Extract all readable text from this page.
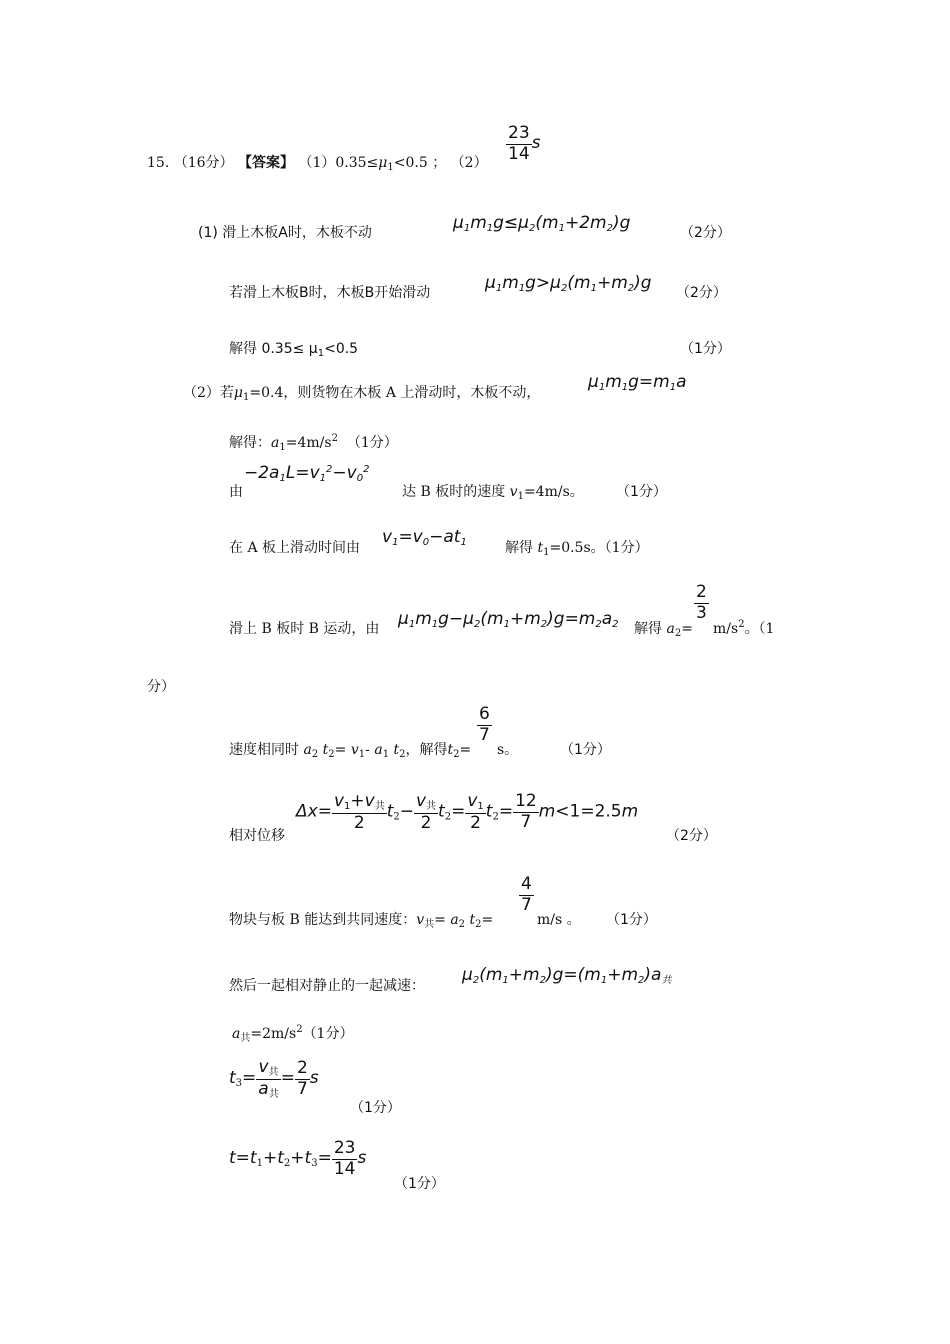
15. （16分） 【答案】 $(1)0.35\le\mu_1<0.5$ ； $(2) \frac{23}{14}$ s
(1) 滑上木板A时，木板不动	$\mu_1m_1g\le\mu_2(m_1+2m_2)g$	（2分）
若滑上木板B时，木板B开始滑动	$\mu_1m_1g>\mu_2(m_1+m_2)g$ （2分）
解得 $0.35\le \mu_1<0.5$	（1分）
（2）若$\mu_1=0.4$，则货物在木板 A 上滑动时，木板不动，
$\mu_1m_1g=m_1a$
解得：$a_1=4m/s^2$ （1分）
$-2a_1L=v_1^2-v_0^2$
由	达 B 板时的速度 $v_1=4m/s$。 （1分）
在 A 板上滑动时间由
$v_1=v_0-at_1$	解得 $t_1=0.5s$。（1分）
滑上 B 板时 B 运动，由 $\mu_1m_1g-\mu_2(m_1+m_2)g=m_2a_2$ 解得 $a_2=$
$\frac{2}{3}$
$m/s^2$。（1
分）
速度相同时 $a_2$ $t_2= v_1-$ $a_1$ $t_2$，解得$t_2=$
$\frac{6}{7}$
s。	（1分）
相对位移
$\Delta x= \frac{v_1+v_共}{2} t_2- \frac{v_共}{2} t_2= \frac{v_1}{2} t_2= \frac{12}{7} m<1=2.5m$
（2分）
物块与板 B 能达到共同速度：$v_共= a_2$ $t_2=$
$\frac{4}{7}$
m/s 。 （1分）
然后一起相对静止的一起减速：
$\mu_2(m_1+m_2)g=(m_1+m_2)a_共$
$a_共=2m/s^2(1$分）
$t_3= \frac{v_共}{a_共} = \frac{2}{7}$ s
（1分）
$t=t_1+t_2+t_3= \frac{23}{14}$ s
（1分）
